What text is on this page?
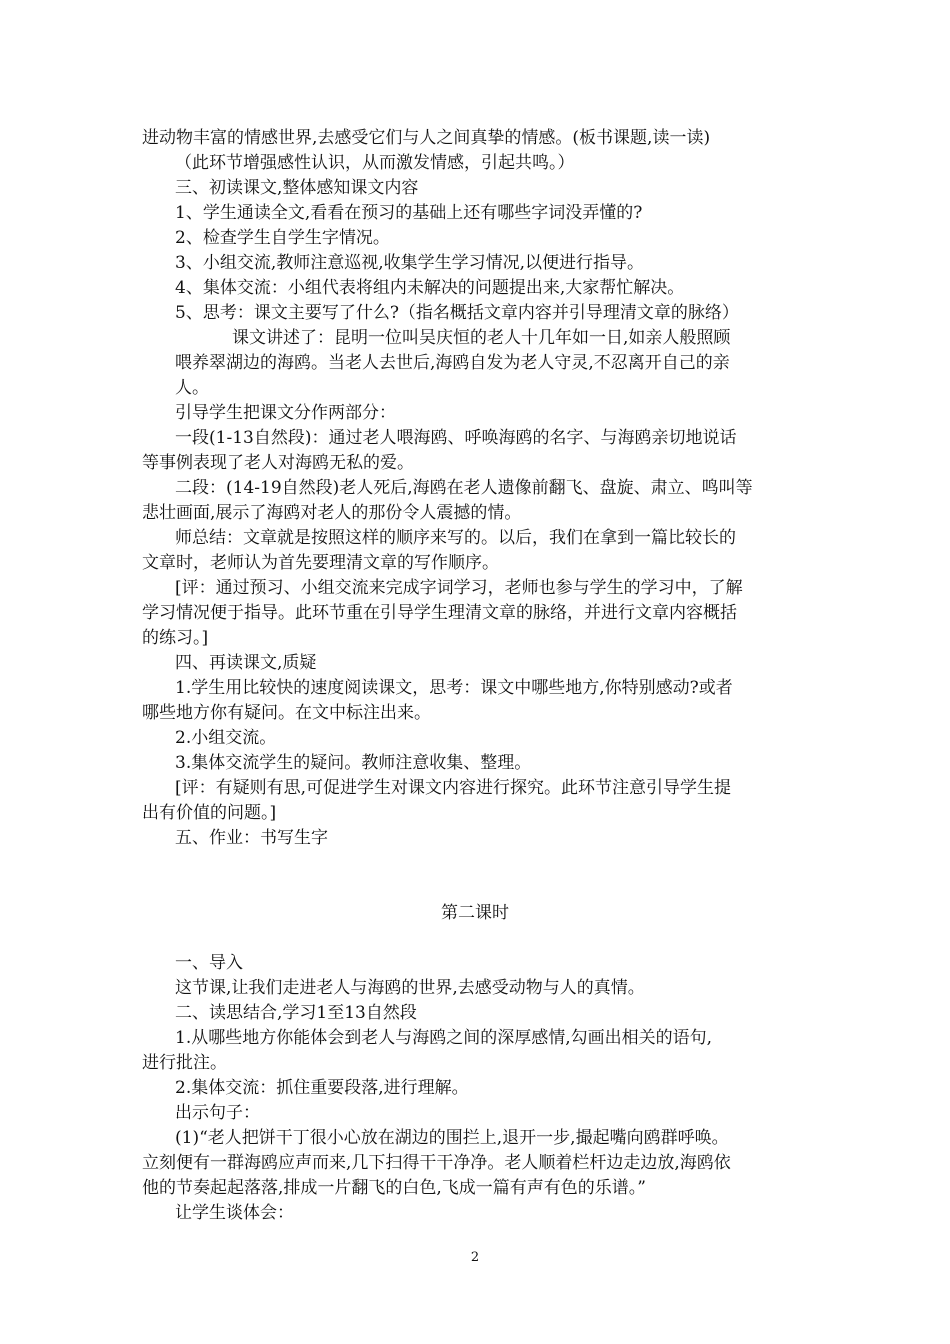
进动物丰富的情感世界,去感受它们与人之间真挚的情感。(板书课题,读一读)
（此环节增强感性认识，从而激发情感，引起共鸣。）
三、初读课文,整体感知课文内容
1、学生通读全文,看看在预习的基础上还有哪些字词没弄懂的?
2、检查学生自学生字情况。
3、小组交流,教师注意巡视,收集学生学习情况,以便进行指导。
4、集体交流：小组代表将组内未解决的问题提出来,大家帮忙解决。
5、思考：课文主要写了什么?（指名概括文章内容并引导理清文章的脉络）
课文讲述了：昆明一位叫吴庆恒的老人十几年如一日,如亲人般照顾
喂养翠湖边的海鸥。当老人去世后,海鸥自发为老人守灵,不忍离开自己的亲
人。
引导学生把课文分作两部分：
一段(1-13自然段)：通过老人喂海鸥、呼唤海鸥的名字、与海鸥亲切地说话
等事例表现了老人对海鸥无私的爱。
二段：(14-19自然段)老人死后,海鸥在老人遗像前翻飞、盘旋、肃立、鸣叫等
悲壮画面,展示了海鸥对老人的那份令人震撼的情。
师总结：文章就是按照这样的顺序来写的。以后，我们在拿到一篇比较长的
文章时，老师认为首先要理清文章的写作顺序。
[评：通过预习、小组交流来完成字词学习，老师也参与学生的学习中，了解
学习情况便于指导。此环节重在引导学生理清文章的脉络，并进行文章内容概括
的练习。]
四、再读课文,质疑
1.学生用比较快的速度阅读课文，思考：课文中哪些地方,你特别感动?或者
哪些地方你有疑问。在文中标注出来。
2.小组交流。
3.集体交流学生的疑问。教师注意收集、整理。
[评：有疑则有思,可促进学生对课文内容进行探究。此环节注意引导学生提
出有价值的问题。]
五、作业：书写生字
第二课时
一、导入
这节课,让我们走进老人与海鸥的世界,去感受动物与人的真情。
二、读思结合,学习1至13自然段
1.从哪些地方你能体会到老人与海鸥之间的深厚感情,勾画出相关的语句,
进行批注。
2.集体交流：抓住重要段落,进行理解。
出示句子：
(1)“老人把饼干丁很小心放在湖边的围拦上,退开一步,撮起嘴向鸥群呼唤。
立刻便有一群海鸥应声而来,几下扫得干干净净。老人顺着栏杆边走边放,海鸥依
他的节奏起起落落,排成一片翻飞的白色,飞成一篇有声有色的乐谱。”
让学生谈体会：
2
